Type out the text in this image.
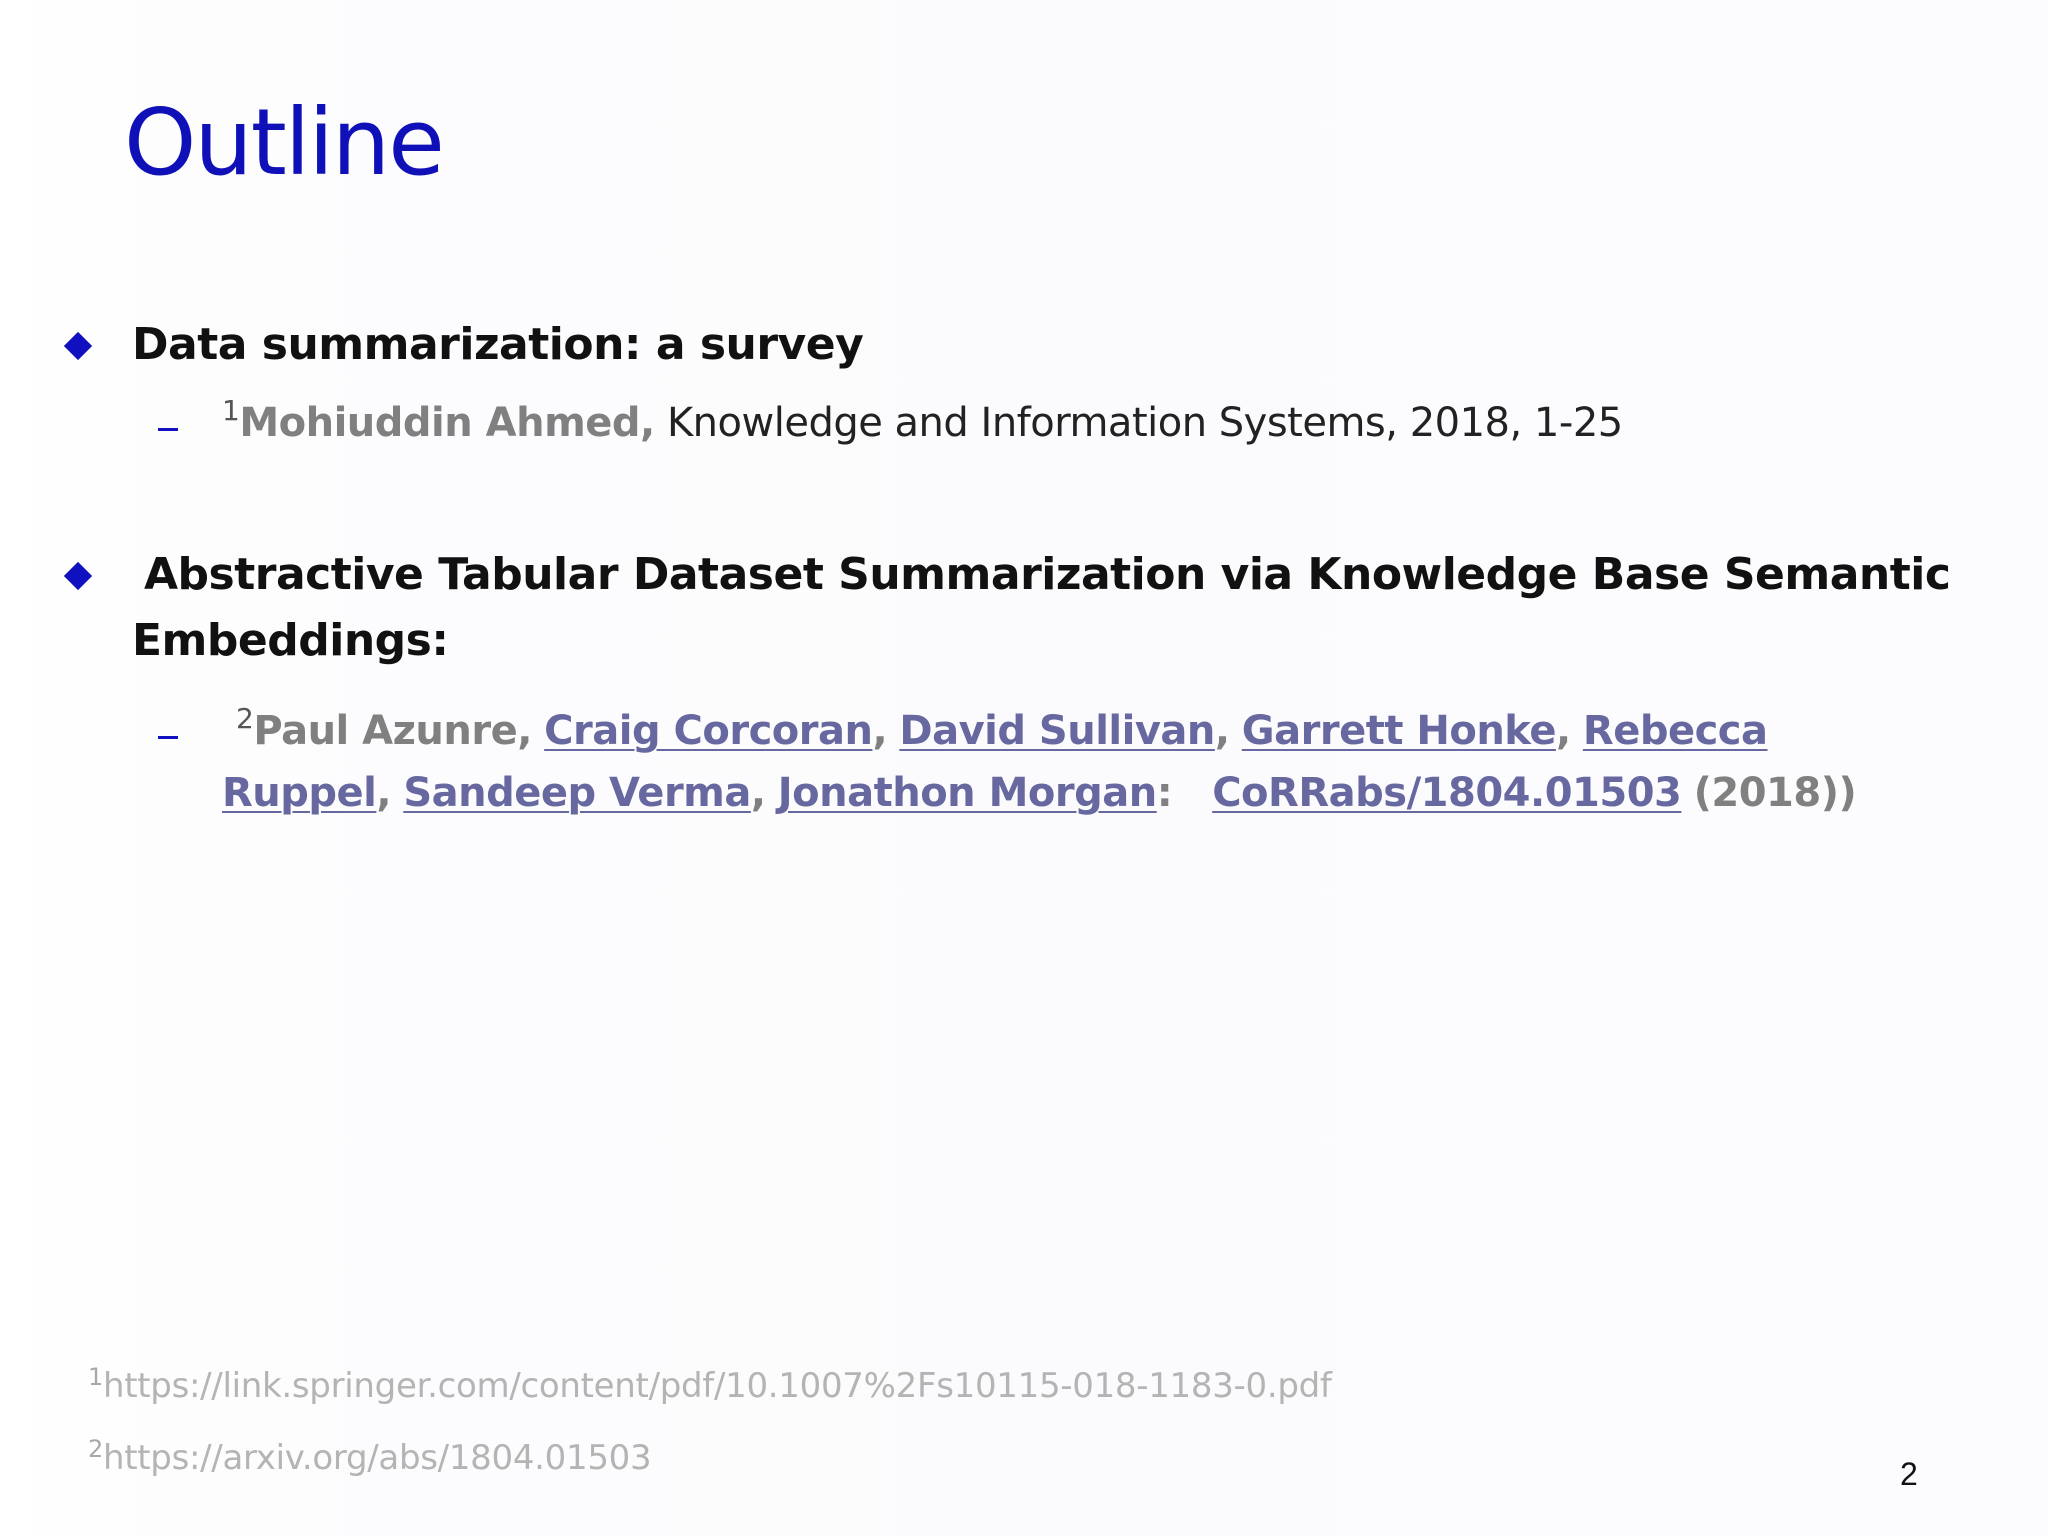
Outline
Data summarization: a survey
$^1$Mohiuddin Ahmed, Knowledge and Information Systems, 2018, 1-25
Abstractive Tabular Dataset Summarization via Knowledge Base Semantic
Embeddings:
$^2$Paul Azunre, Craig Corcoran, David Sullivan, Garrett Honke, Rebecca
Ruppel, Sandeep Verma, Jonathon Morgan: CoRRabs/1804.01503 (2018))
$^1$https://link.springer.com/content/pdf/10.1007%2Fs10115-018-1183-0.pdf
$^2$https://arxiv.org/abs/1804.01503	2
